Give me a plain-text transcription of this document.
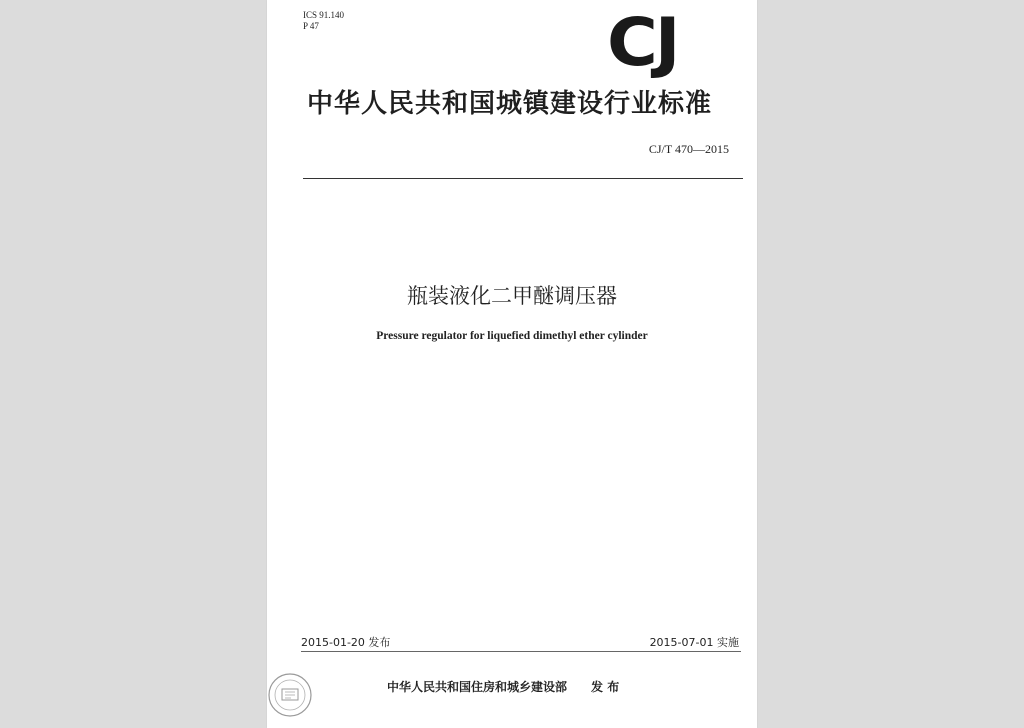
ICS 91.140
P 47	CJ
中华人民共和国城镇建设行业标准
CJ/T 470—2015
瓶装液化二甲醚调压器
Pressure regulator for liquefied dimethyl ether cylinder
2015-01-20 发布	2015-07-01 实施
中华人民共和国住房和城乡建设部 发 布
